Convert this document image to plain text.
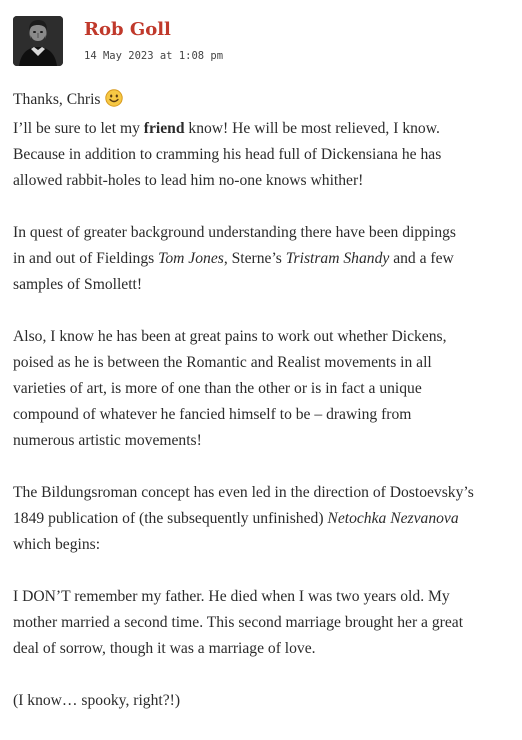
Rob Goll
14 May 2023 at 1:08 pm

Thanks, Chris
I’ll be sure to let my friend know! He will be most relieved, I know.
Because in addition to cramming his head full of Dickensiana he has
allowed rabbit-holes to lead him no-one knows whither!

In quest of greater background understanding there have been dippings
in and out of Fieldings Tom Jones, Sterne’s Tristram Shandy and a few
samples of Smollett!

Also, I know he has been at great pains to work out whether Dickens,
poised as he is between the Romantic and Realist movements in all
varieties of art, is more of one than the other or is in fact a unique
compound of whatever he fancied himself to be – drawing from
numerous artistic movements!

The Bildungsroman concept has even led in the direction of Dostoevsky’s
1849 publication of (the subsequently unfinished) Netochka Nezvanova
which begins:

I DON’T remember my father. He died when I was two years old. My
mother married a second time. This second marriage brought her a great
deal of sorrow, though it was a marriage of love.

(I know… spooky, right?!)
